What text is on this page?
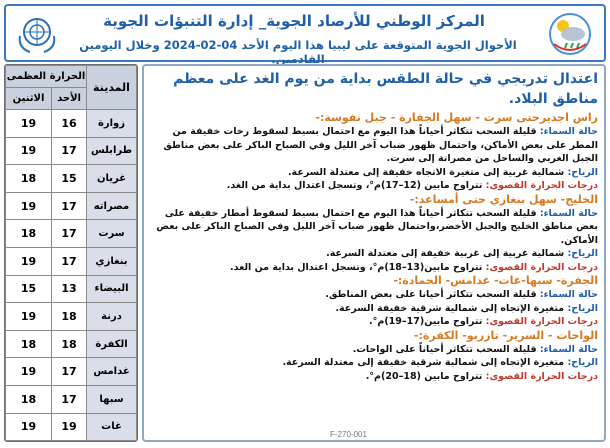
المركز الوطني للأرصاد الجوية_ إدارة التنبؤات الجوية
الأحوال الجوية المتوقعة على ليبيا هذا اليوم الأحد 04-02-2024 وخلال اليومين القادمين.
المدينة	الحرارة العظمى	
	الأحد	الاثنين
زوارة	16	19
طرابلس	17	19
غريان	15	18
مصراته	17	19
سرت	17	18
بنغازي	17	19
البيضاء	13	15
درنة	18	19
الكفرة	18	18
غدامس	17	19
سبها	17	18
غات	19	19
F-270-001
اعتدال تدريجي في حالة الطقس بداية من يوم الغد على معظم مناطق البلاد.
راس اجديرحتى سرت - سهل الجفارة - جبل نفوسة:-
حالة السماء: قليلة السحب تتكاثر أحياناً هذا اليوم مع احتمال بسيط لسقوط رخات خفيفة من المطر على بعض الأماكن، واحتمال ظهور ضباب آخر الليل وفي الصباح الباكر على بعض مناطق الجبل الغربي والساحل من مصراتة إلى سرت.
الرياح: شمالية غربية إلى متغيرة الاتجاه خفيفة إلى معتدلة السرعة.
درجات الحرارة القصوى: تتراوح مابين (12–17)م°، وتسجل اعتدال بداية من الغد.
الخليج- سهل بنغازي حتى أمساعد:-
حالة السماء: قليلة السحب تتكاثر أحياناً هذا اليوم مع احتمال بسيط لسقوط أمطار خفيفة على بعض مناطق الخليج والجبل الأخضر،واحتمال ظهور ضباب آخر الليل وفي الصباح الباكر على بعض الأماكن.
الرياح: شمالية غربية إلى غربية خفيفة إلى معتدلة السرعة.
درجات الحرارة القصوى: تتراوح مابين(13–18)م°، وتسجل اعتدال بداية من الغد.
الجفرة- سبها-غات- غدامس- الحمادة:-
حالة السماء: قليلة السحب تتكاثر أحيانا على بعض المناطق.
الرياح: متغيرة الإتجاه إلى شمالية شرقية خفيفة السرعة.
درجات الحرارة القصوى: تتراوح مابين(17–19)م°.
الواحات - السرير- تازربو- الكفرة:-
حالة السماء: قليلة السحب تتكاثر أحياناً على الواحات.
الرياح: متغيرة الإتجاه إلى شمالية شرقية خفيفة إلى معتدلة السرعة.
درجات الحرارة القصوى: تتراوح مابين (18–20)م°.
